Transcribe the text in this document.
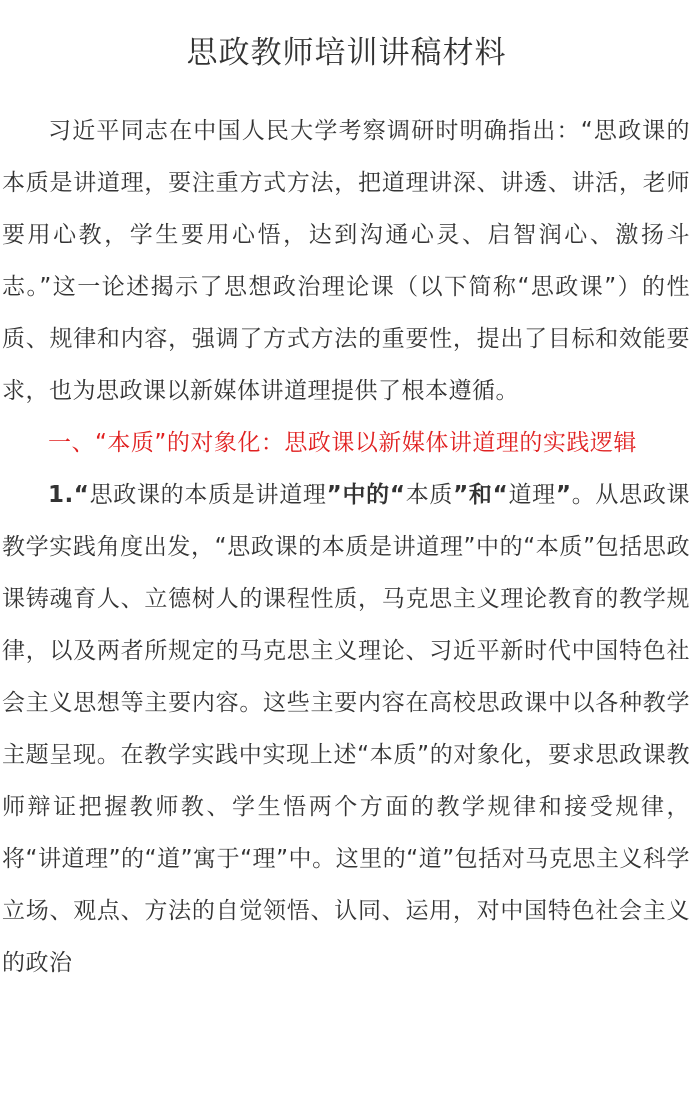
思政教师培训讲稿材料

习近平同志在中国人民大学考察调研时明确指出：“思政课的本质是讲道理，要注重方式方法，把道理讲深、讲透、讲活，老师要用心教，学生要用心悟，达到沟通心灵、启智润心、激扬斗志。”这一论述揭示了思想政治理论课（以下简称“思政课”）的性质、规律和内容，强调了方式方法的重要性，提出了目标和效能要求，也为思政课以新媒体讲道理提供了根本遵循。

一、“本质”的对象化：思政课以新媒体讲道理的实践逻辑

1.“思政课的本质是讲道理”中的“本质”和“道理”。从思政课教学实践角度出发，“思政课的本质是讲道理”中的“本质”包括思政课铸魂育人、立德树人的课程性质，马克思主义理论教育的教学规律，以及两者所规定的马克思主义理论、习近平新时代中国特色社会主义思想等主要内容。这些主要内容在高校思政课中以各种教学主题呈现。在教学实践中实现上述“本质”的对象化，要求思政课教师辩证把握教师教、学生悟两个方面的教学规律和接受规律，将“讲道理”的“道”寓于“理”中。这里的“道”包括对马克思主义科学立场、观点、方法的自觉领悟、认同、运用，对中国特色社会主义的政治
